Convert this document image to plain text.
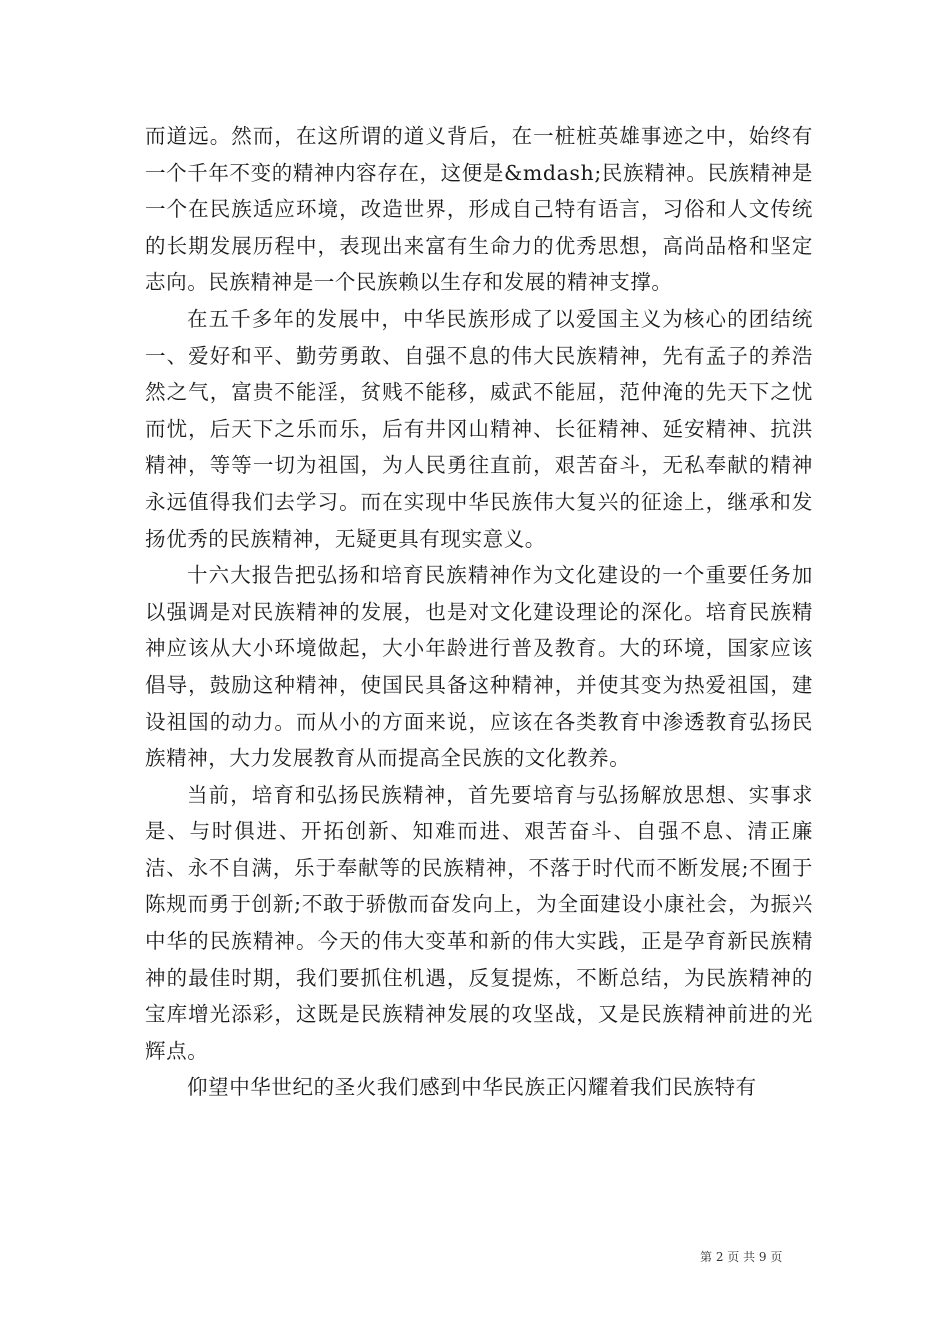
而道远。然而，在这所谓的道义背后，在一桩桩英雄事迹之中，始终有一个千年不变的精神内容存在，这便是&mdash;民族精神。民族精神是一个在民族适应环境，改造世界，形成自己特有语言，习俗和人文传统的长期发展历程中，表现出来富有生命力的优秀思想，高尚品格和坚定志向。民族精神是一个民族赖以生存和发展的精神支撑。

在五千多年的发展中，中华民族形成了以爱国主义为核心的团结统一、爱好和平、勤劳勇敢、自强不息的伟大民族精神，先有孟子的养浩然之气，富贵不能淫，贫贱不能移，威武不能屈，范仲淹的先天下之忧而忧，后天下之乐而乐，后有井冈山精神、长征精神、延安精神、抗洪精神，等等一切为祖国，为人民勇往直前，艰苦奋斗，无私奉献的精神永远值得我们去学习。而在实现中华民族伟大复兴的征途上，继承和发扬优秀的民族精神，无疑更具有现实意义。

十六大报告把弘扬和培育民族精神作为文化建设的一个重要任务加以强调是对民族精神的发展，也是对文化建设理论的深化。培育民族精神应该从大小环境做起，大小年龄进行普及教育。大的环境，国家应该倡导，鼓励这种精神，使国民具备这种精神，并使其变为热爱祖国，建设祖国的动力。而从小的方面来说，应该在各类教育中渗透教育弘扬民族精神，大力发展教育从而提高全民族的文化教养。

当前，培育和弘扬民族精神，首先要培育与弘扬解放思想、实事求是、与时俱进、开拓创新、知难而进、艰苦奋斗、自强不息、清正廉洁、永不自满，乐于奉献等的民族精神，不落于时代而不断发展;不囿于陈规而勇于创新;不敢于骄傲而奋发向上，为全面建设小康社会，为振兴中华的民族精神。今天的伟大变革和新的伟大实践，正是孕育新民族精神的最佳时期，我们要抓住机遇，反复提炼，不断总结，为民族精神的宝库增光添彩，这既是民族精神发展的攻坚战，又是民族精神前进的光辉点。

仰望中华世纪的圣火我们感到中华民族正闪耀着我们民族特有

第 2 页 共 9 页
